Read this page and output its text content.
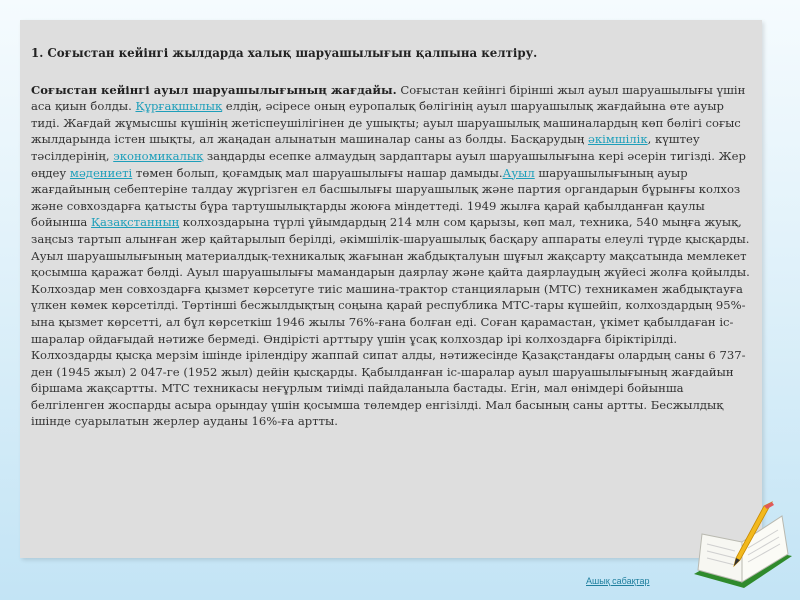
1. Соғыстан кейінгі жылдарда халық шаруашылығын қалпына келтіру.

Соғыстан кейінгі ауыл шаруашылығының жағдайы. Соғыстан кейінгі бірінші жыл ауыл шаруашылығы үшін аса қиын болды. Құрғақшылық елдің, әсіресе оның еуропалық бөлігінің ауыл шаруашылық жағдайына өте ауыр тиді. Жағдай жұмысшы күшінің жетіспеушілігінен де ушықты; ауыл шаруашылық машиналардың көп бөлігі соғыс жылдарында істен шықты, ал жаңадан алынатын машиналар саны аз болды. Басқарудың әкімшілік, күштеу тәсілдерінің, экономикалық заңдарды есепке алмаудың зардаптары ауыл шаруашылығына кері әсерін тигізді. Жер өңдеу мәдениеті төмен болып, қоғамдық мал шаруашылығы нашар дамыды.Ауыл шаруашылығының ауыр жағдайының себептеріне талдау жүргізген ел басшылығы шаруашылық және партия органдарын бұрынғы колхоз және совхоздарға қатысты бұра тартушылықтарды жоюға міндеттеді. 1949 жылға қарай қабылданған қаулы бойынша Қазақстанның колхоздарына түрлі ұйымдардың 214 млн сом қарызы, көп мал, техника, 540 мыңға жуық, заңсыз тартып алынған жер қайтарылып берілді, әкімшілік-шаруашылық басқару аппараты елеулі түрде қысқарды. Ауыл шаруашылығының материалдық-техникалық жағынан жабдықталуын шұғыл жақсарту мақсатында мемлекет қосымша қаражат бөлді. Ауыл шаруашылығы мамандарын даярлау және қайта даярлаудың жүйесі жолға қойылды. Колхоздар мен совхоздарға қызмет көрсетуге тиіс машина-трактор станцияларын (МТС) техникамен жабдықтауға үлкен көмек көрсетілді. Төртінші бесжылдықтың соңына қарай республика МТС-тары күшейіп, колхоздардың 95%-ына қызмет көрсетті, ал бұл көрсеткіш 1946 жылы 76%-ғана болған еді. Соған қарамастан, үкімет қабылдаған іс-шаралар ойдағыдай нәтиже бермеді. Өндірісті арттыру үшін ұсақ колхоздар ірі колхоздарға біріктірілді. Колхоздарды қысқа мерзім ішінде ірілендіру жаппай сипат алды, нәтижесінде Қазақстандағы олардың саны 6 737- ден (1945 жыл) 2 047-ге (1952 жыл) дейін қысқарды. Қабылданған іс-шаралар ауыл шаруашылығының жағдайын біршама жақсартты. МТС техникасы неғұрлым тиімді пайдаланыла бастады. Егін, мал өнімдері бойынша белгіленген жоспарды асыра орындау үшін қосымша төлемдер енгізілді. Мал басының саны артты. Бесжылдық ішінде суарылатын жерлер ауданы 16%-ға артты.

Ашық сабақтар
